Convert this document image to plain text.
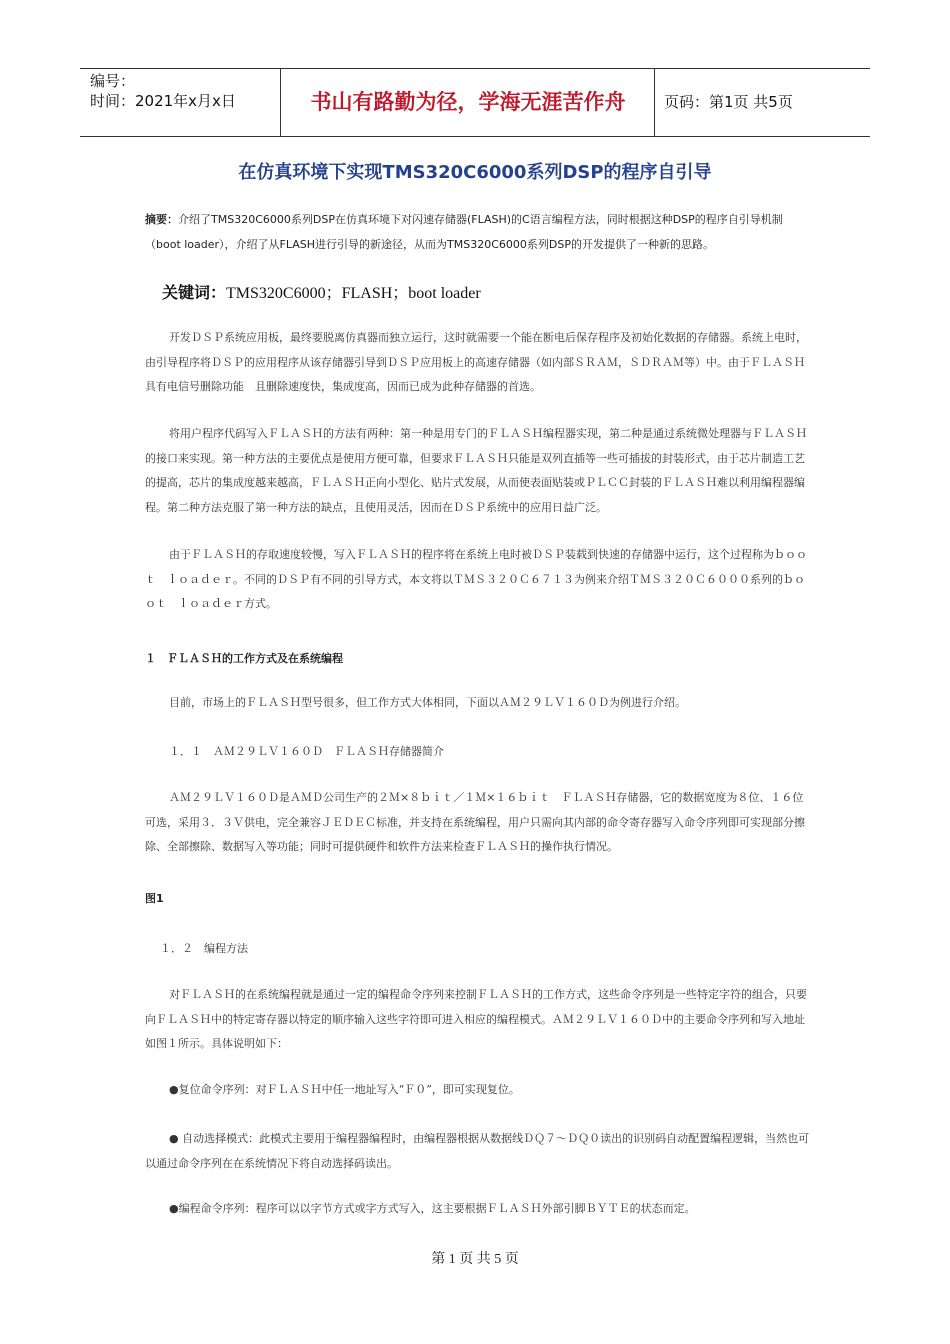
编号：
时间：2021年x月x日	书山有路勤为径，学海无涯苦作舟	页码：第1页 共5页
在仿真环境下实现TMS320C6000系列DSP的程序自引导
摘要：介绍了TMS320C6000系列DSP在仿真环境下对闪速存储器(FLASH)的C语言编程方法，同时根据这种DSP的程序自引导机制（boot loader），介绍了从FLASH进行引导的新途径，从而为TMS320C6000系列DSP的开发提供了一种新的思路。
关键词：TMS320C6000；FLASH；boot loader
开发ＤＳＰ系统应用板，最终要脱离仿真器而独立运行，这时就需要一个能在断电后保存程序及初始化数据的存储器。系统上电时，由引导程序将ＤＳＰ的应用程序从该存储器引导到ＤＳＰ应用板上的高速存储器（如内部ＳＲＡＭ，ＳＤＲＡＭ等）中。由于ＦＬＡＳＨ具有电信号删除功能　且删除速度快，集成度高，因而已成为此种存储器的首选。
将用户程序代码写入ＦＬＡＳＨ的方法有两种：第一种是用专门的ＦＬＡＳＨ编程器实现，第二种是通过系统微处理器与ＦＬＡＳＨ的接口来实现。第一种方法的主要优点是使用方便可靠，但要求ＦＬＡＳＨ只能是双列直插等一些可插拔的封装形式，由于芯片制造工艺的提高，芯片的集成度越来越高，ＦＬＡＳＨ正向小型化、贴片式发展，从而使表面贴装或ＰＬＣＣ封装的ＦＬＡＳＨ难以利用编程器编程。第二种方法克服了第一种方法的缺点，且使用灵活，因而在ＤＳＰ系统中的应用日益广泛。
由于ＦＬＡＳＨ的存取速度较慢，写入ＦＬＡＳＨ的程序将在系统上电时被ＤＳＰ装载到快速的存储器中运行，这个过程称为ｂｏｏｔ　ｌｏａｄｅｒ。不同的ＤＳＰ有不同的引导方式，本文将以ＴＭＳ３２０Ｃ６７１３为例来介绍ＴＭＳ３２０Ｃ６０００系列的ｂｏｏｔ　ｌｏａｄｅｒ方式。
１　ＦＬＡＳＨ的工作方式及在系统编程
目前，市场上的ＦＬＡＳＨ型号很多，但工作方式大体相同，下面以ＡＭ２９ＬＶ１６０Ｄ为例进行介绍。
１．１　ＡＭ２９ＬＶ１６０Ｄ　ＦＬＡＳＨ存储器简介
ＡＭ２９ＬＶ１６０Ｄ是ＡＭＤ公司生产的２Ｍ×８ｂｉｔ／１Ｍ×１６ｂｉｔ　ＦＬＡＳＨ存储器，它的数据宽度为８位、１６位可选，采用３．３Ｖ供电，完全兼容ＪＥＤＥＣ标准，并支持在系统编程，用户只需向其内部的命令寄存器写入命令序列即可实现部分擦除、全部擦除、数据写入等功能；同时可提供硬件和软件方法来检查ＦＬＡＳＨ的操作执行情况。
图1
１．２　编程方法
对ＦＬＡＳＨ的在系统编程就是通过一定的编程命令序列来控制ＦＬＡＳＨ的工作方式，这些命令序列是一些特定字符的组合，只要向ＦＬＡＳＨ中的特定寄存器以特定的顺序输入这些字符即可进入相应的编程模式。ＡＭ２９ＬＶ１６０Ｄ中的主要命令序列和写入地址如图１所示。具体说明如下：
●复位命令序列：对ＦＬＡＳＨ中任一地址写入“Ｆ０”，即可实现复位。
● 自动选择模式：此模式主要用于编程器编程时，由编程器根据从数据线ＤＱ７～ＤＱ０读出的识别码自动配置编程逻辑，当然也可以通过命令序列在在系统情况下将自动选择码读出。
●编程命令序列：程序可以以字节方式或字方式写入，这主要根据ＦＬＡＳＨ外部引脚ＢＹＴＥ的状态而定。
第 1 页 共 5 页
